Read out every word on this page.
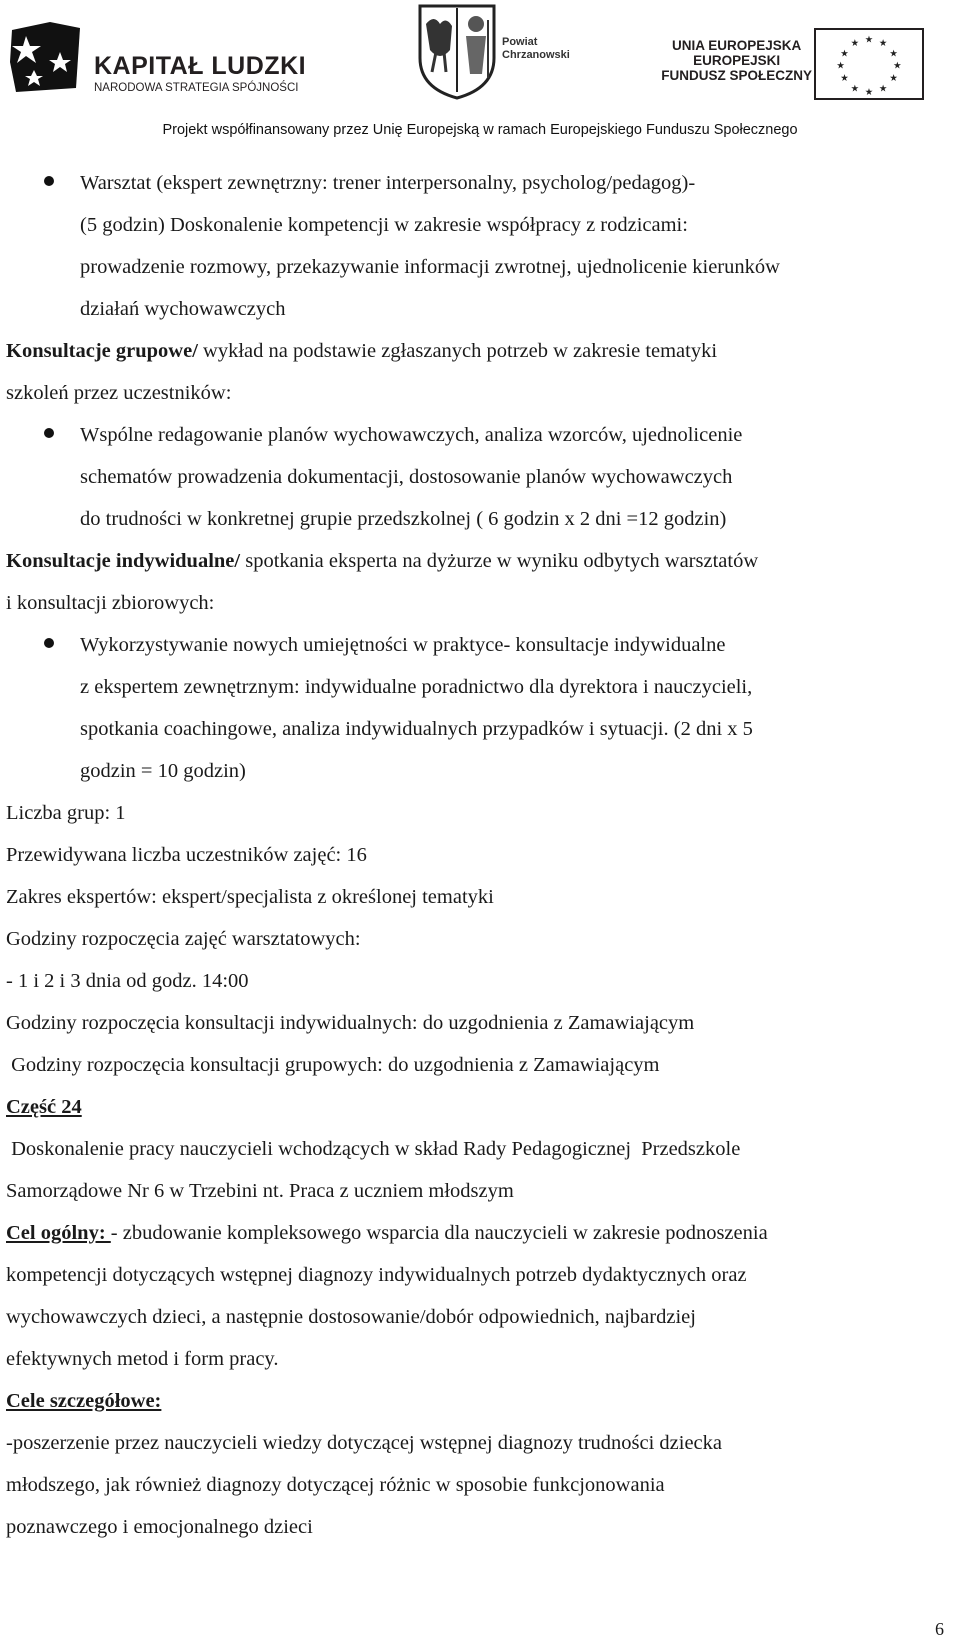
KAPITAŁ LUDZKI
NARODOWA STRATEGIA SPÓJNOŚCI
Powiat
Chrzanowski
UNIA EUROPEJSKA
EUROPEJSKI
FUNDUSZ SPOŁECZNY
★ ★
★
★
★
★
★
★
★
★
★
★
Projekt współfinansowany przez Unię Europejską w ramach Europejskiego Funduszu Społecznego
Warsztat (ekspert zewnętrzny: trener interpersonalny, psycholog/pedagog)-
(5 godzin) Doskonalenie kompetencji w zakresie współpracy z rodzicami:
prowadzenie rozmowy, przekazywanie informacji zwrotnej, ujednolicenie kierunków
działań wychowawczych
Konsultacje grupowe/ wykład na podstawie zgłaszanych potrzeb w zakresie tematyki
szkoleń przez uczestników:
Wspólne redagowanie planów wychowawczych, analiza wzorców, ujednolicenie
schematów prowadzenia dokumentacji, dostosowanie planów wychowawczych
do trudności w konkretnej grupie przedszkolnej ( 6 godzin x 2 dni =12 godzin)
Konsultacje indywidualne/ spotkania eksperta na dyżurze w wyniku odbytych warsztatów
i konsultacji zbiorowych:
Wykorzystywanie nowych umiejętności w praktyce- konsultacje indywidualne
z ekspertem zewnętrznym: indywidualne poradnictwo dla dyrektora i nauczycieli,
spotkania coachingowe, analiza indywidualnych przypadków i sytuacji. (2 dni x 5
godzin = 10 godzin)
Liczba grup: 1
Przewidywana liczba uczestników zajęć: 16
Zakres ekspertów: ekspert/specjalista z określonej tematyki
Godziny rozpoczęcia zajęć warsztatowych:
- 1 i 2 i 3 dnia od godz. 14:00
Godziny rozpoczęcia konsultacji indywidualnych: do uzgodnienia z Zamawiającym
Godziny rozpoczęcia konsultacji grupowych: do uzgodnienia z Zamawiającym
Część 24
Doskonalenie pracy nauczycieli wchodzących w skład Rady Pedagogicznej  Przedszkole
Samorządowe Nr 6 w Trzebini nt. Praca z uczniem młodszym
Cel ogólny: - zbudowanie kompleksowego wsparcia dla nauczycieli w zakresie podnoszenia
kompetencji dotyczących wstępnej diagnozy indywidualnych potrzeb dydaktycznych oraz
wychowawczych dzieci, a następnie dostosowanie/dobór odpowiednich, najbardziej
efektywnych metod i form pracy.
Cele szczegółowe:
-poszerzenie przez nauczycieli wiedzy dotyczącej wstępnej diagnozy trudności dziecka
młodszego, jak również diagnozy dotyczącej różnic w sposobie funkcjonowania
poznawczego i emocjonalnego dzieci
6
